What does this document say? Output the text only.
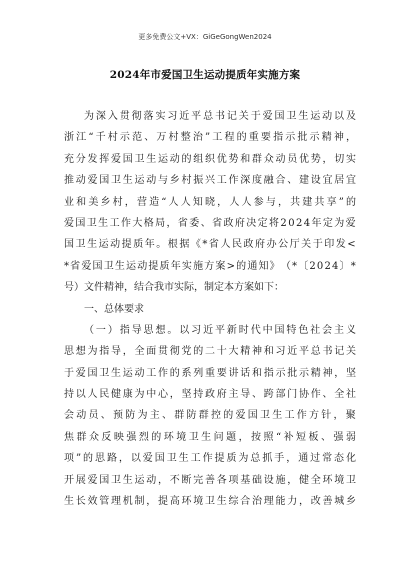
更多免费公文+VX：GiGeGongWen2024
2024年市爱国卫生运动提质年实施方案
为 深 入 贯 彻 落 实 习 近 平 总 书 记 关 于 爱 国 卫 生 运 动 以 及
浙 江 “ 千 村 示 范 、 万 村 整 治 ” 工 程 的 重 要 指 示 批 示 精 神 ，
充 分 发 挥 爱 国 卫 生 运 动 的 组 织 优 势 和 群 众 动 员 优 势 ， 切 实
推 动 爱 国 卫 生 运 动 与 乡 村 振 兴 工 作 深 度 融 合 、 建 设 宜 居 宜
业 和 美 乡 村 ， 营 造 “ 人 人 知 晓 ， 人 人 参 与 ， 共 建 共 享 ” 的
爱 国 卫 生 工 作 大 格 局 ， 省 委 、 省 政 府 决 定 将 2 0 2 4 年 定 为 爱
国 卫 生 运 动 提 质 年 。 根 据 《 * 省 人 民 政 府 办 公 厅 关 于 印 发 <
* 省 爱 国 卫 生 运 动 提 质 年 实 施 方 案 > 的 通 知 》 （ * 〔 2 0 2 4 〕 *
号）文件精神，结合我市实际，制定本方案如下：
一、总体要求
（ 一 ） 指 导 思 想 。 以 习 近 平 新 时 代 中 国 特 色 社 会 主 义
思 想 为 指 导 ， 全 面 贯 彻 党 的 二 十 大 精 神 和 习 近 平 总 书 记 关
于 爱 国 卫 生 运 动 工 作 的 系 列 重 要 讲 话 和 指 示 批 示 精 神 ， 坚
持 以 人 民 健 康 为 中 心 ， 坚 持 政 府 主 导 、 跨 部 门 协 作 、 全 社
会 动 员 、 预 防 为 主 、 群 防 群 控 的 爱 国 卫 生 工 作 方 针 ， 聚
焦 群 众 反 映 强 烈 的 环 境 卫 生 问 题 ， 按 照 “ 补 短 板 、 强 弱
项 ” 的 思 路 ， 以 爱 国 卫 生 工 作 提 质 为 总 抓 手 ， 通 过 常 态 化
开 展 爱 国 卫 生 运 动 ， 不 断 完 善 各 项 基 础 设 施 ， 健 全 环 境 卫
生 长 效 管 理 机 制 ， 提 高 环 境 卫 生 综 合 治 理 能 力 ， 改 善 城 乡
